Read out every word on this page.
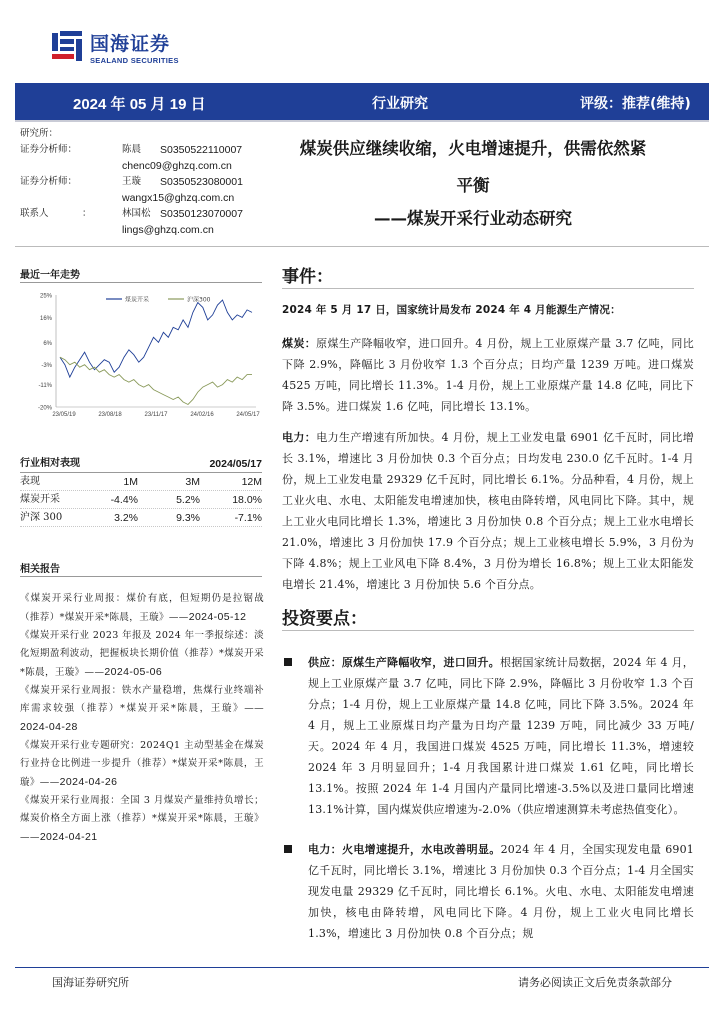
国海证券
SEALAND SECURITIES
2024 年 05 月 19 日	行业研究	评级：推荐(维持)
研究所：
证券分析师：	陈晨 S0350522110007
chenc09@ghzq.com.cn
证券分析师：	王璇 S0350523080001
wangx15@ghzq.com.cn
联系人	：	林国松 S0350123070007
lings@ghzq.com.cn
煤炭供应继续收缩，火电增速提升，供需依然紧
平衡
——煤炭开采行业动态研究
最近一年走势
25%
16%
6%
-3%
-11%
-20%
23/05/19	23/08/18	23/11/17	24/02/16	24/05/17
煤炭开采	沪深300
行业相对表现	2024/05/17
表现	1M	3M	12M
煤炭开采	-4.4%	5.2%	18.0%
沪深 300	3.2%	9.3%	-7.1%
相关报告
《煤炭开采行业周报：煤价有底，但短期仍是拉锯战（推荐）*煤炭开采*陈晨，王璇》——2024-05-12
《煤炭开采行业 2023 年报及 2024 年一季报综述：淡化短期盈利波动，把握板块长期价值（推荐）*煤炭开采*陈晨，王璇》——2024-05-06
《煤炭开采行业周报：铁水产量稳增，焦煤行业终端补库需求较强（推荐）*煤炭开采*陈晨，王璇》——2024-04-28
《煤炭开采行业专题研究：2024Q1 主动型基金在煤炭行业持仓比例进一步提升（推荐）*煤炭开采*陈晨，王璇》——2024-04-26
《煤炭开采行业周报：全国 3 月煤炭产量维持负增长；煤炭价格全方面上涨（推荐）*煤炭开采*陈晨，王璇》——2024-04-21
事件：
2024 年 5 月 17 日，国家统计局发布 2024 年 4 月能源生产情况：
煤炭：原煤生产降幅收窄，进口回升。4 月份，规上工业原煤产量 3.7 亿吨，同比下降 2.9%，降幅比 3 月份收窄 1.3 个百分点；日均产量 1239 万吨。进口煤炭 4525 万吨，同比增长 11.3%。1-4 月份，规上工业原煤产量 14.8 亿吨，同比下降 3.5%。进口煤炭 1.6 亿吨，同比增长 13.1%。
电力：电力生产增速有所加快。4 月份，规上工业发电量 6901 亿千瓦时，同比增长 3.1%，增速比 3 月份加快 0.3 个百分点；日均发电 230.0 亿千瓦时。1-4 月份，规上工业发电量 29329 亿千瓦时，同比增长 6.1%。分品种看，4 月份，规上工业火电、水电、太阳能发电增速加快，核电由降转增，风电同比下降。其中，规上工业火电同比增长 1.3%，增速比 3 月份加快 0.8 个百分点；规上工业水电增长 21.0%，增速比 3 月份加快 17.9 个百分点；规上工业核电增长 5.9%，3 月份为下降 4.8%；规上工业风电下降 8.4%，3 月份为增长 16.8%；规上工业太阳能发电增长 21.4%，增速比 3 月份加快 5.6 个百分点。
投资要点：
供应：原煤生产降幅收窄，进口回升。根据国家统计局数据，2024 年 4 月，规上工业原煤产量 3.7 亿吨，同比下降 2.9%，降幅比 3 月份收窄 1.3 个百分点；1-4 月份，规上工业原煤产量 14.8 亿吨，同比下降 3.5%。2024 年 4 月，规上工业原煤日均产量为日均产量 1239 万吨，同比减少 33 万吨/天。2024 年 4 月，我国进口煤炭 4525 万吨，同比增长 11.3%，增速较 2024 年 3 月明显回升；1-4 月我国累计进口煤炭 1.61 亿吨，同比增长 13.1%。按照 2024 年 1-4 月国内产量同比增速-3.5%以及进口量同比增速 13.1%计算，国内煤炭供应增速为-2.0%（供应增速测算未考虑热值变化）。
电力：火电增速提升，水电改善明显。2024 年 4 月，全国实现发电量 6901 亿千瓦时，同比增长 3.1%，增速比 3 月份加快 0.3 个百分点；1-4 月全国实现发电量 29329 亿千瓦时，同比增长 6.1%。火电、水电、太阳能发电增速加快，核电由降转增，风电同比下降。4 月份，规上工业火电同比增长 1.3%，增速比 3 月份加快 0.8 个百分点；规
国海证券研究所	请务必阅读正文后免责条款部分
